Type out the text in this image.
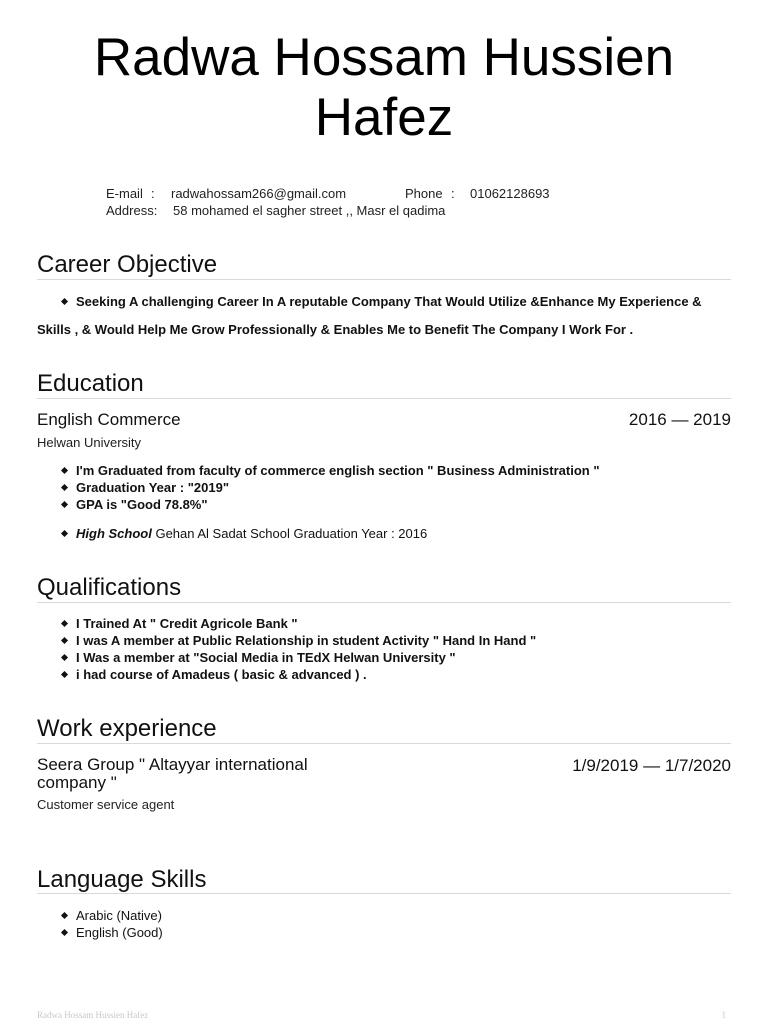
Radwa Hossam Hussien
Hafez
E-mail : radwahossam266@gmail.com	Phone : 01062128693
Address: 58 mohamed el sagher street ,, Masr el qadima
Career Objective
Seeking A challenging Career In A reputable Company That Would Utilize &Enhance My Experience &
Skills , & Would Help Me Grow Professionally & Enables Me to Benefit The Company I Work For .
Education
English Commerce	2016 — 2019
Helwan University
I'm Graduated from faculty of commerce english section " Business Administration "
Graduation Year : "2019"
GPA is "Good 78.8%"
High School Gehan Al Sadat School Graduation Year : 2016
Qualifications
I Trained At " Credit Agricole Bank "
I was A member at Public Relationship in student Activity " Hand In Hand "
I Was a member at "Social Media in TEdX Helwan University "
i had course of Amadeus ( basic & advanced ) .
Work experience
Seera Group " Altayyar international
company "
1/9/2019 — 1/7/2020
Customer service agent
Language Skills
Arabic (Native)
English (Good)
Radwa Hossam Hussien Hafez	1
